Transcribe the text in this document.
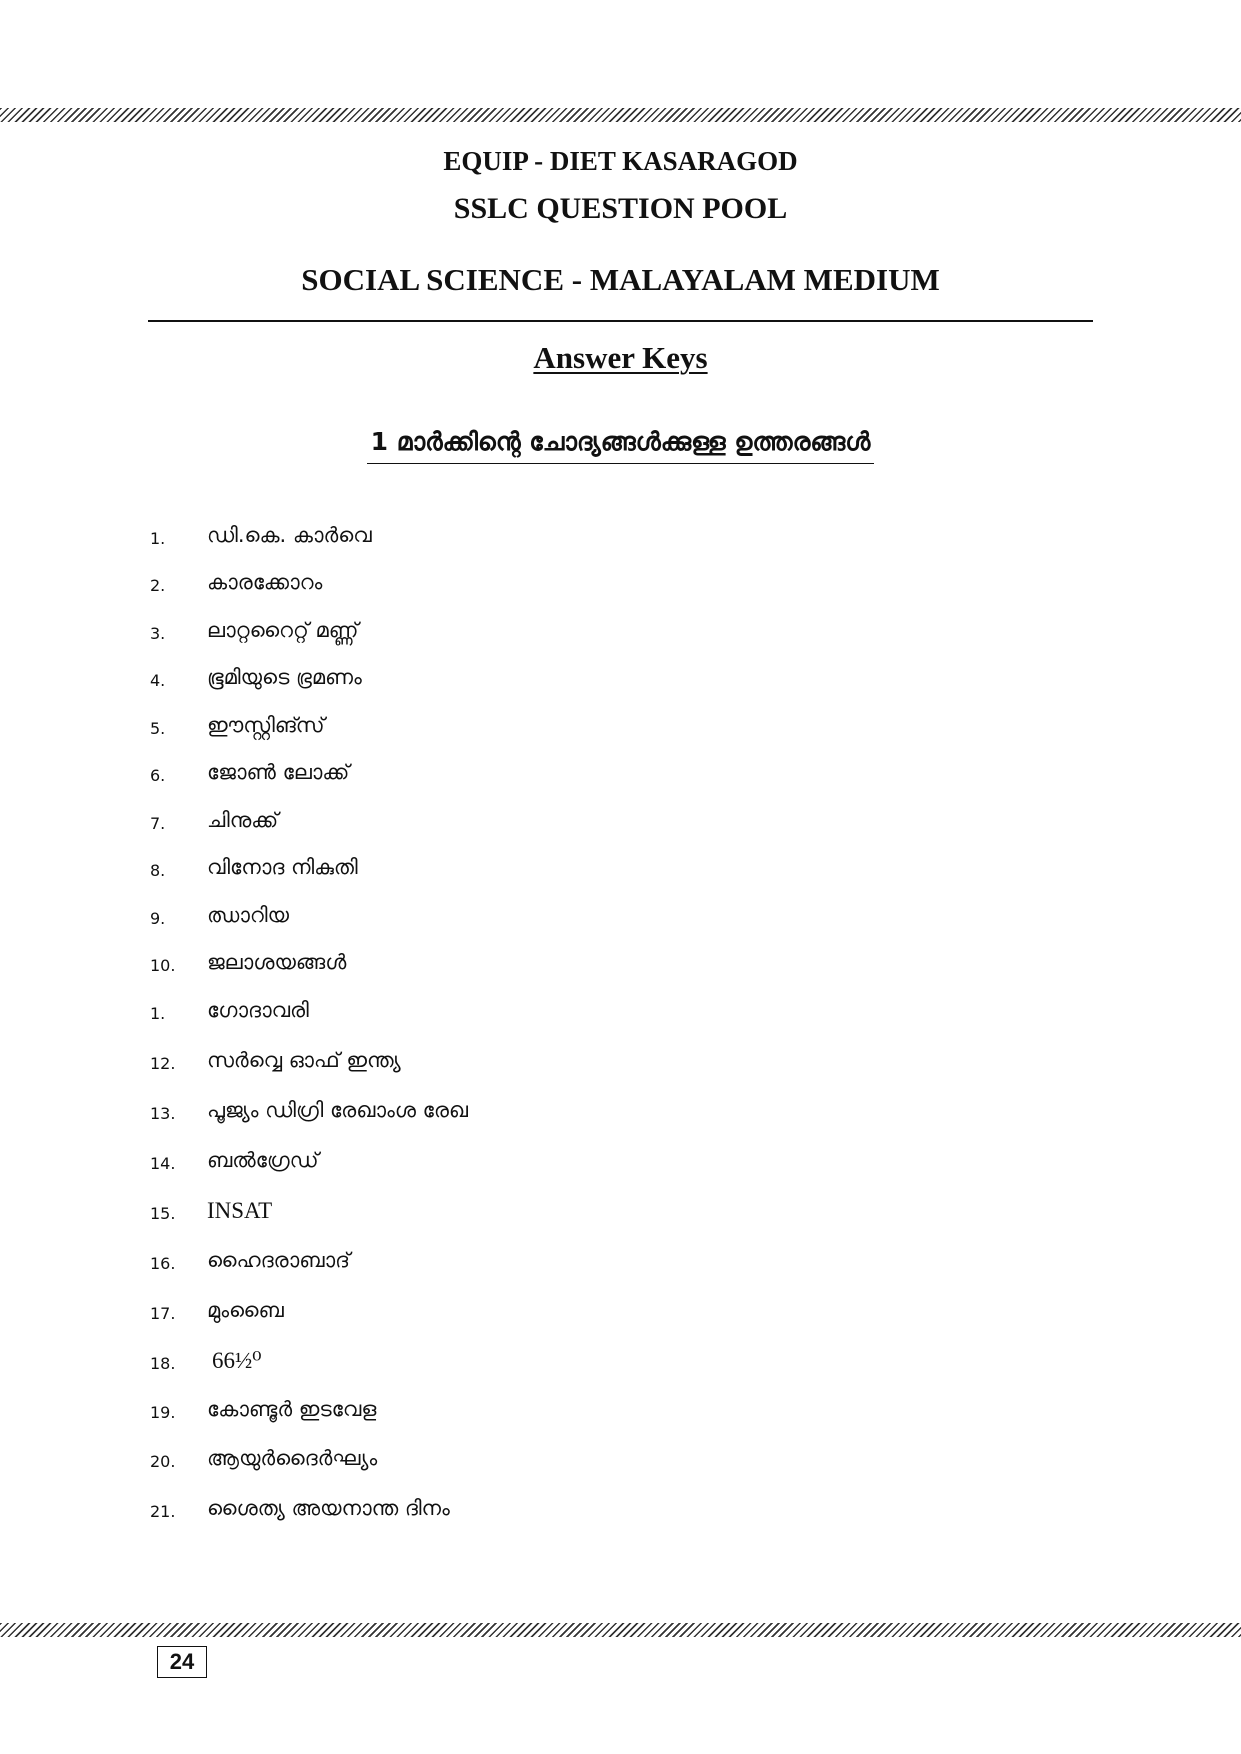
EQUIP - DIET KASARAGOD
SSLC QUESTION POOL
SOCIAL SCIENCE - MALAYALAM MEDIUM
Answer Keys
1 മാർക്കിന്റെ ചോദ്യങ്ങൾക്കുള്ള ഉത്തരങ്ങൾ
1. ഡി.കെ. കാർവെ
2. കാരക്കോറം
3. ലാറ്ററൈറ്റ് മണ്ണ്
4. ഭൂമിയുടെ ഭ്രമണം
5. ഈസ്റ്റിങ്സ്
6. ജോൺ ലോക്ക്
7. ചിനുക്ക്
8. വിനോദ നികുതി
9. ഝാറിയ
10. ജലാശയങ്ങൾ
1. ഗോദാവരി
12. സർവ്വെ ഓഫ് ഇന്ത്യ
13. പൂജ്യം ഡിഗ്രി രേഖാംശ രേഖ
14. ബൽഗ്രേഡ്
15. INSAT
16. ഹൈദരാബാദ്
17. മുംബൈ
18. 66½⁰
19. കോണ്ടൂർ ഇടവേള
20. ആയുർദൈർഘ്യം
21. ശൈത്യ അയനാന്ത ദിനം
24
